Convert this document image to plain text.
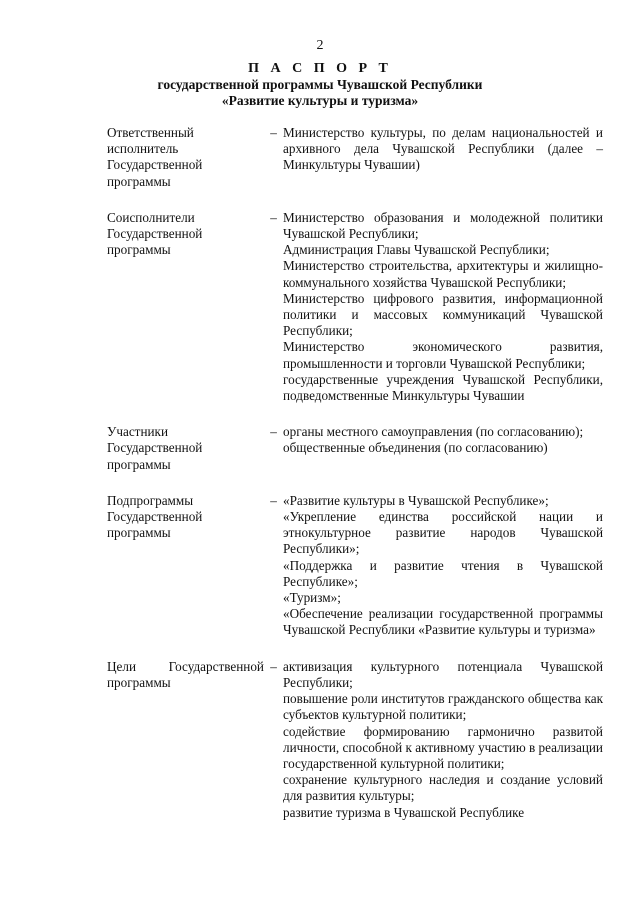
2
П А С П О Р Т
государственной программы Чувашской Республики
«Развитие культуры и туризма»
Ответственный исполнитель Государственной программы
– Министерство культуры, по делам национальностей и архивного дела Чувашской Республики (далее – Минкультуры Чувашии)
Соисполнители Государственной программы
– Министерство образования и молодежной политики Чувашской Республики;
Администрация Главы Чувашской Республики;
Министерство строительства, архитектуры и жилищно-коммунального хозяйства Чувашской Республики;
Министерство цифрового развития, информационной политики и массовых коммуникаций Чувашской Республики;
Министерство экономического развития, промышленности и торговли Чувашской Республики;
государственные учреждения Чувашской Республики, подведомственные Минкультуры Чувашии
Участники Государственной программы
– органы местного самоуправления (по согласованию);
общественные объединения (по согласованию)
Подпрограммы Государственной программы
– «Развитие культуры в Чувашской Республике»;
«Укрепление единства российской нации и этнокультурное развитие народов Чувашской Республики»;
«Поддержка и развитие чтения в Чувашской Республике»;
«Туризм»;
«Обеспечение реализации государственной программы Чувашской Республики «Развитие культуры и туризма»
Цели Государственной программы
– активизация культурного потенциала Чувашской Республики;
повышение роли институтов гражданского общества как субъектов культурной политики;
содействие формированию гармонично развитой личности, способной к активному участию в реализации государственной культурной политики;
сохранение культурного наследия и создание условий для развития культуры;
развитие туризма в Чувашской Республике
